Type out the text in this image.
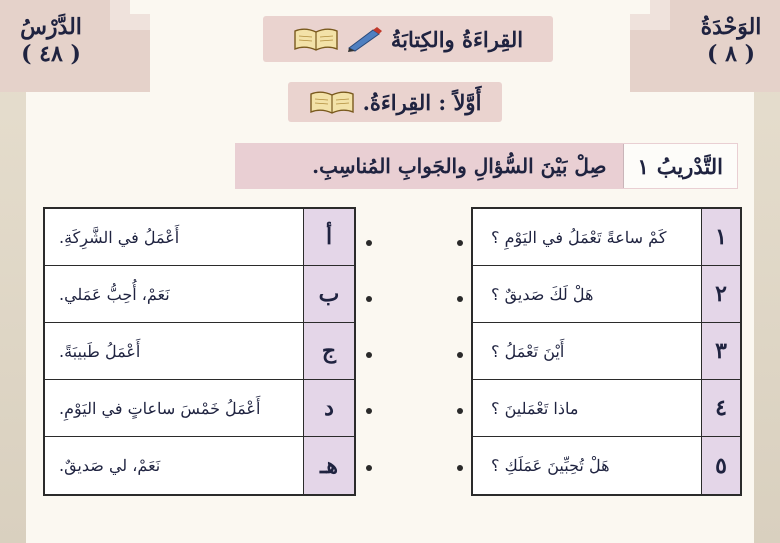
الدَّرْسُ
( ٤٨ )
الوَحْدَةُ
( ٨ )
القِراءَةُ والكِتابَةُ
أَوَّلاً : القِراءَةُ.
التَّدْريبُ
١
صِلْ بَيْنَ السُّؤالِ والجَوابِ المُناسِبِ.
١
كَمْ ساعةً تَعْمَلُ في اليَوْمِ ؟
٢
هَلْ لَكَ صَديقٌ ؟
٣
أَيْنَ تَعْمَلُ ؟
٤
ماذا تَعْمَلينَ ؟
٥
هَلْ تُحِبِّينَ عَمَلَكِ ؟
أ
أَعْمَلُ في الشَّرِكَةِ.
ب
نَعَمْ، أُحِبُّ عَمَلي.
ج
أَعْمَلُ طَبيبَةً.
د
أَعْمَلُ خَمْسَ ساعاتٍ في اليَوْمِ.
هـ
نَعَمْ، لي صَديقٌ.
